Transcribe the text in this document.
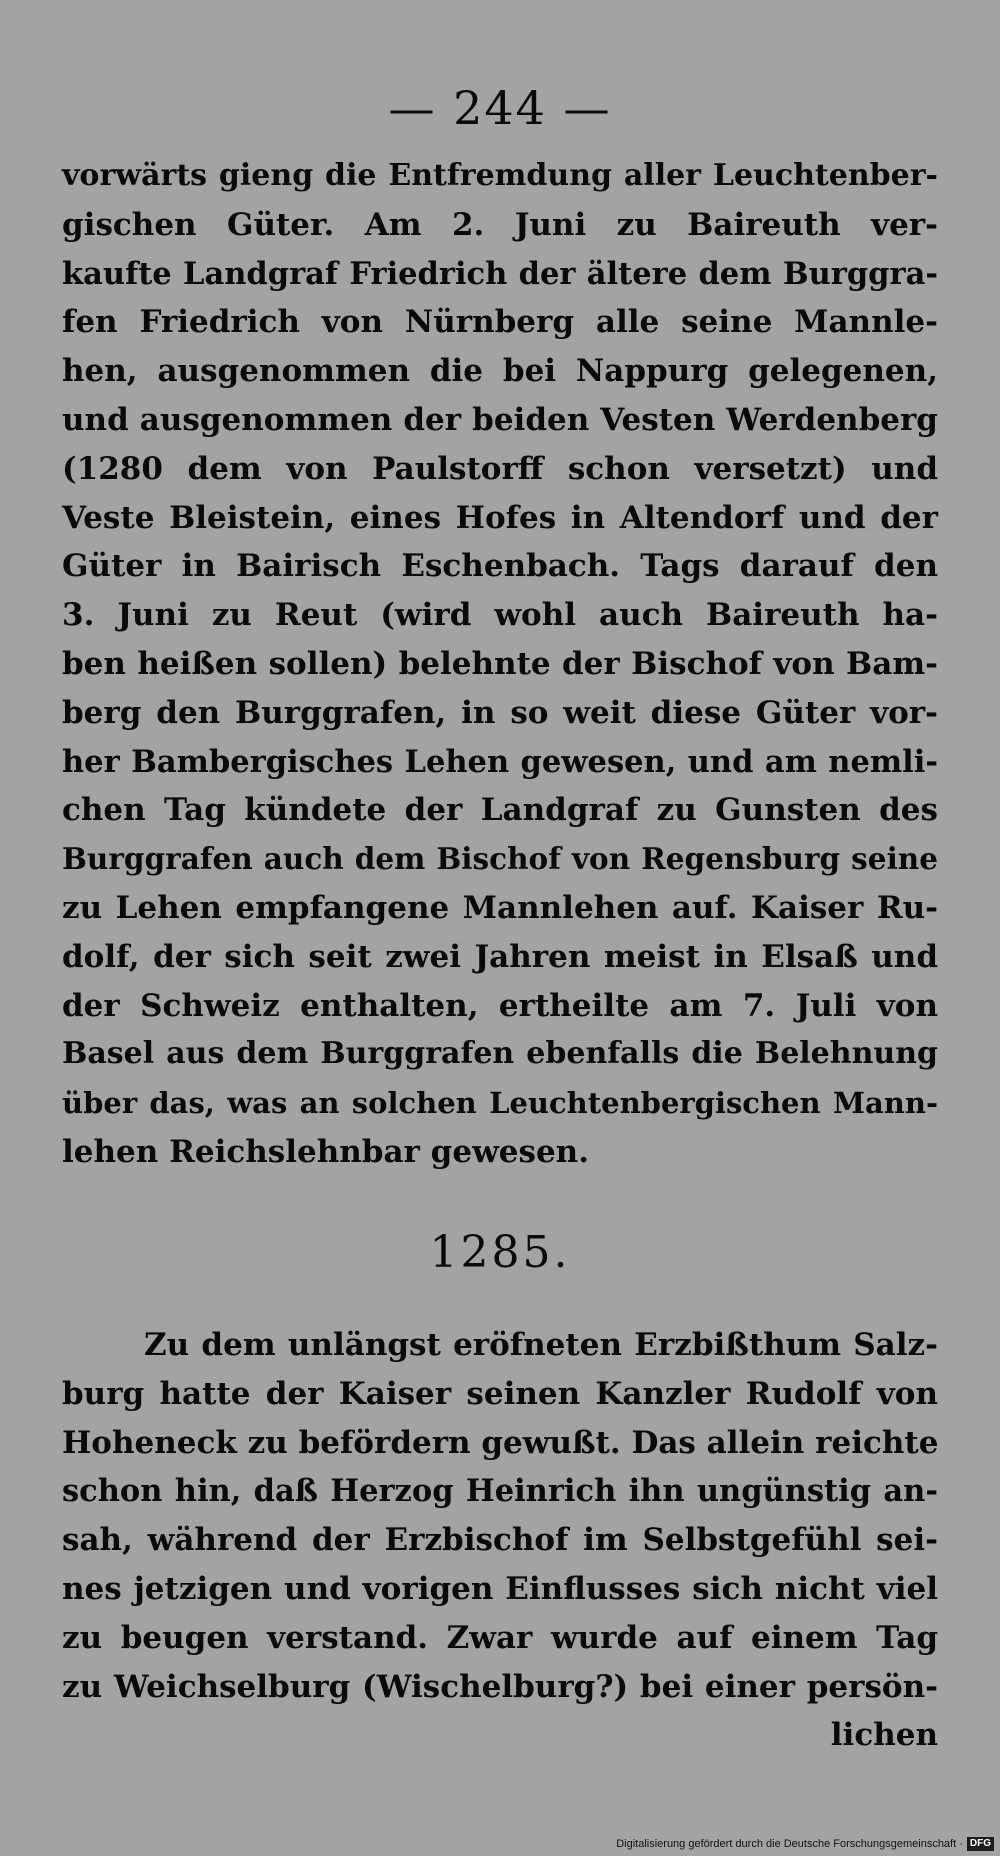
— 244 —
vorwärts gieng die Entfremdung aller Leuchtenber-
gischen Güter. Am 2. Juni zu Baireuth ver-
kaufte Landgraf Friedrich der ältere dem Burggra-
fen Friedrich von Nürnberg alle seine Mannle-
hen, ausgenommen die bei Nappurg gelegenen,
und ausgenommen der beiden Vesten Werdenberg
(1280 dem von Paulstorff schon versetzt) und
Veste Bleistein, eines Hofes in Altendorf und der
Güter in Bairisch Eschenbach. Tags darauf den
3. Juni zu Reut (wird wohl auch Baireuth ha-
ben heißen sollen) belehnte der Bischof von Bam-
berg den Burggrafen, in so weit diese Güter vor-
her Bambergisches Lehen gewesen, und am nemli-
chen Tag kündete der Landgraf zu Gunsten des
Burggrafen auch dem Bischof von Regensburg seine
zu Lehen empfangene Mannlehen auf. Kaiser Ru-
dolf, der sich seit zwei Jahren meist in Elsaß und
der Schweiz enthalten, ertheilte am 7. Juli von
Basel aus dem Burggrafen ebenfalls die Belehnung
über das, was an solchen Leuchtenbergischen Mann-
lehen Reichslehnbar gewesen.
1285.
Zu dem unlängst eröfneten Erzbißthum Salz-
burg hatte der Kaiser seinen Kanzler Rudolf von
Hoheneck zu befördern gewußt. Das allein reichte
schon hin, daß Herzog Heinrich ihn ungünstig an-
sah, während der Erzbischof im Selbstgefühl sei-
nes jetzigen und vorigen Einflusses sich nicht viel
zu beugen verstand. Zwar wurde auf einem Tag
zu Weichselburg (Wischelburg?) bei einer persön-
lichen
Digitalisierung gefördert durch die Deutsche Forschungsgemeinschaft · DFG
